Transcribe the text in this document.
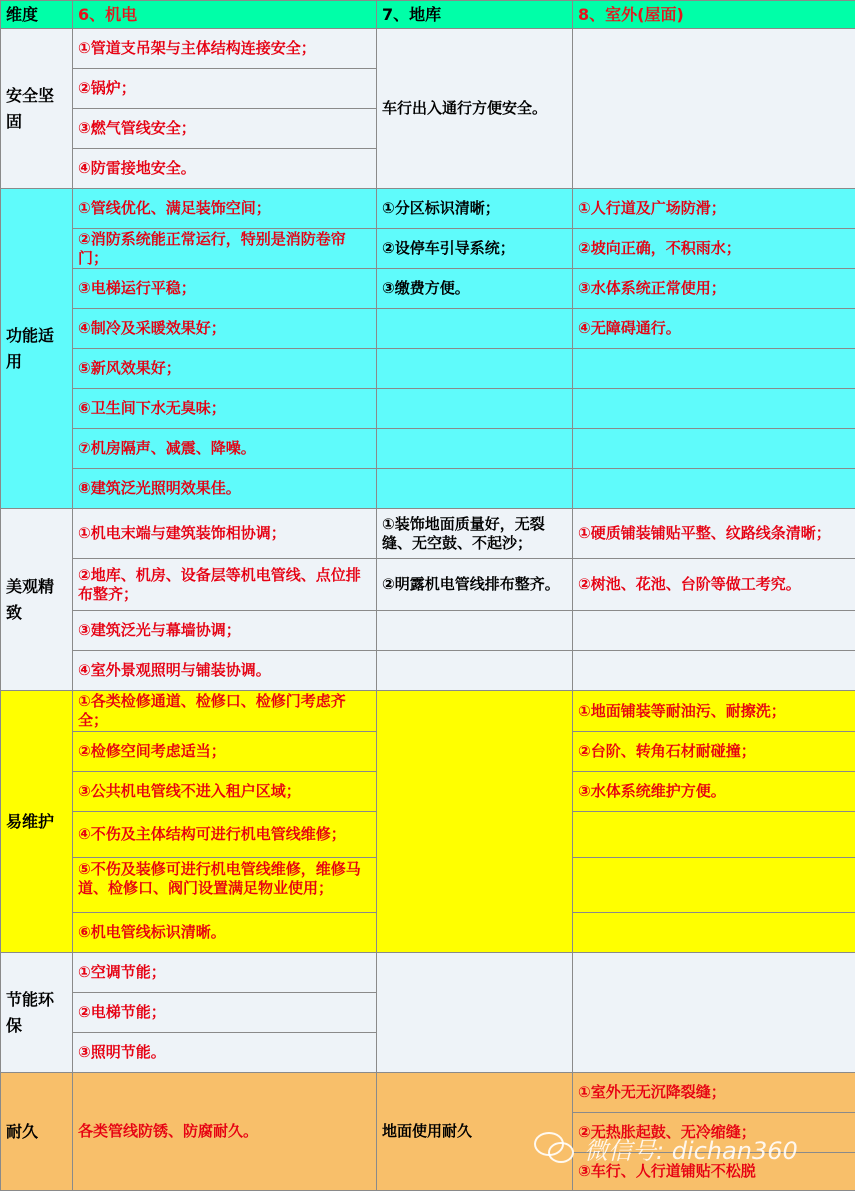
维度	6、机电	7、地库	8、室外(屋面)
安全坚固	①管道支吊架与主体结构连接安全；	车行出入通行方便安全。	
	②锅炉；		
	③燃气管线安全；		
	④防雷接地安全。		
功能适用	①管线优化、满足装饰空间；	①分区标识清晰；	①人行道及广场防滑；

	②消防系统能正常运行，特别是消防卷帘门；	②设停车引导系统；	②坡向正确，不积雨水；
	③电梯运行平稳；	③缴费方便。	③水体系统正常使用；
	④制冷及采暖效果好；		④无障碍通行。
	⑤新风效果好；		
	⑥卫生间下水无臭味；		
	⑦机房隔声、减震、降噪。		
	⑧建筑泛光照明效果佳。		
美观精致	①机电末端与建筑装饰相协调；	①装饰地面质量好，无裂缝、无空鼓、不起沙；	①硬质铺装铺贴平整、纹路线条清晰；
	②地库、机房、设备层等机电管线、点位排布整齐；	②明露机电管线排布整齐。	②树池、花池、台阶等做工考究。
	③建筑泛光与幕墙协调；		
	④室外景观照明与铺装协调。		
易维护	①各类检修通道、检修口、检修门考虑齐全；		①地面铺装等耐油污、耐擦洗；
	②检修空间考虑适当；		②台阶、转角石材耐碰撞；
	③公共机电管线不进入租户区域；		③水体系统维护方便。
	④不伤及主体结构可进行机电管线维修；		

	⑤不伤及装修可进行机电管线维修，维修马道、检修口、阀门设置满足物业使用；		

	⑥机电管线标识清晰。		
节能环保	①空调节能；		
	②电梯节能；		
	③照明节能。		
耐久	各类管线防锈、防腐耐久。	地面使用耐久	①室外无无沉降裂缝；
			②无热胀起鼓、无冷缩缝；
			③车行、人行道铺贴不松脱
微信号: dichan360
